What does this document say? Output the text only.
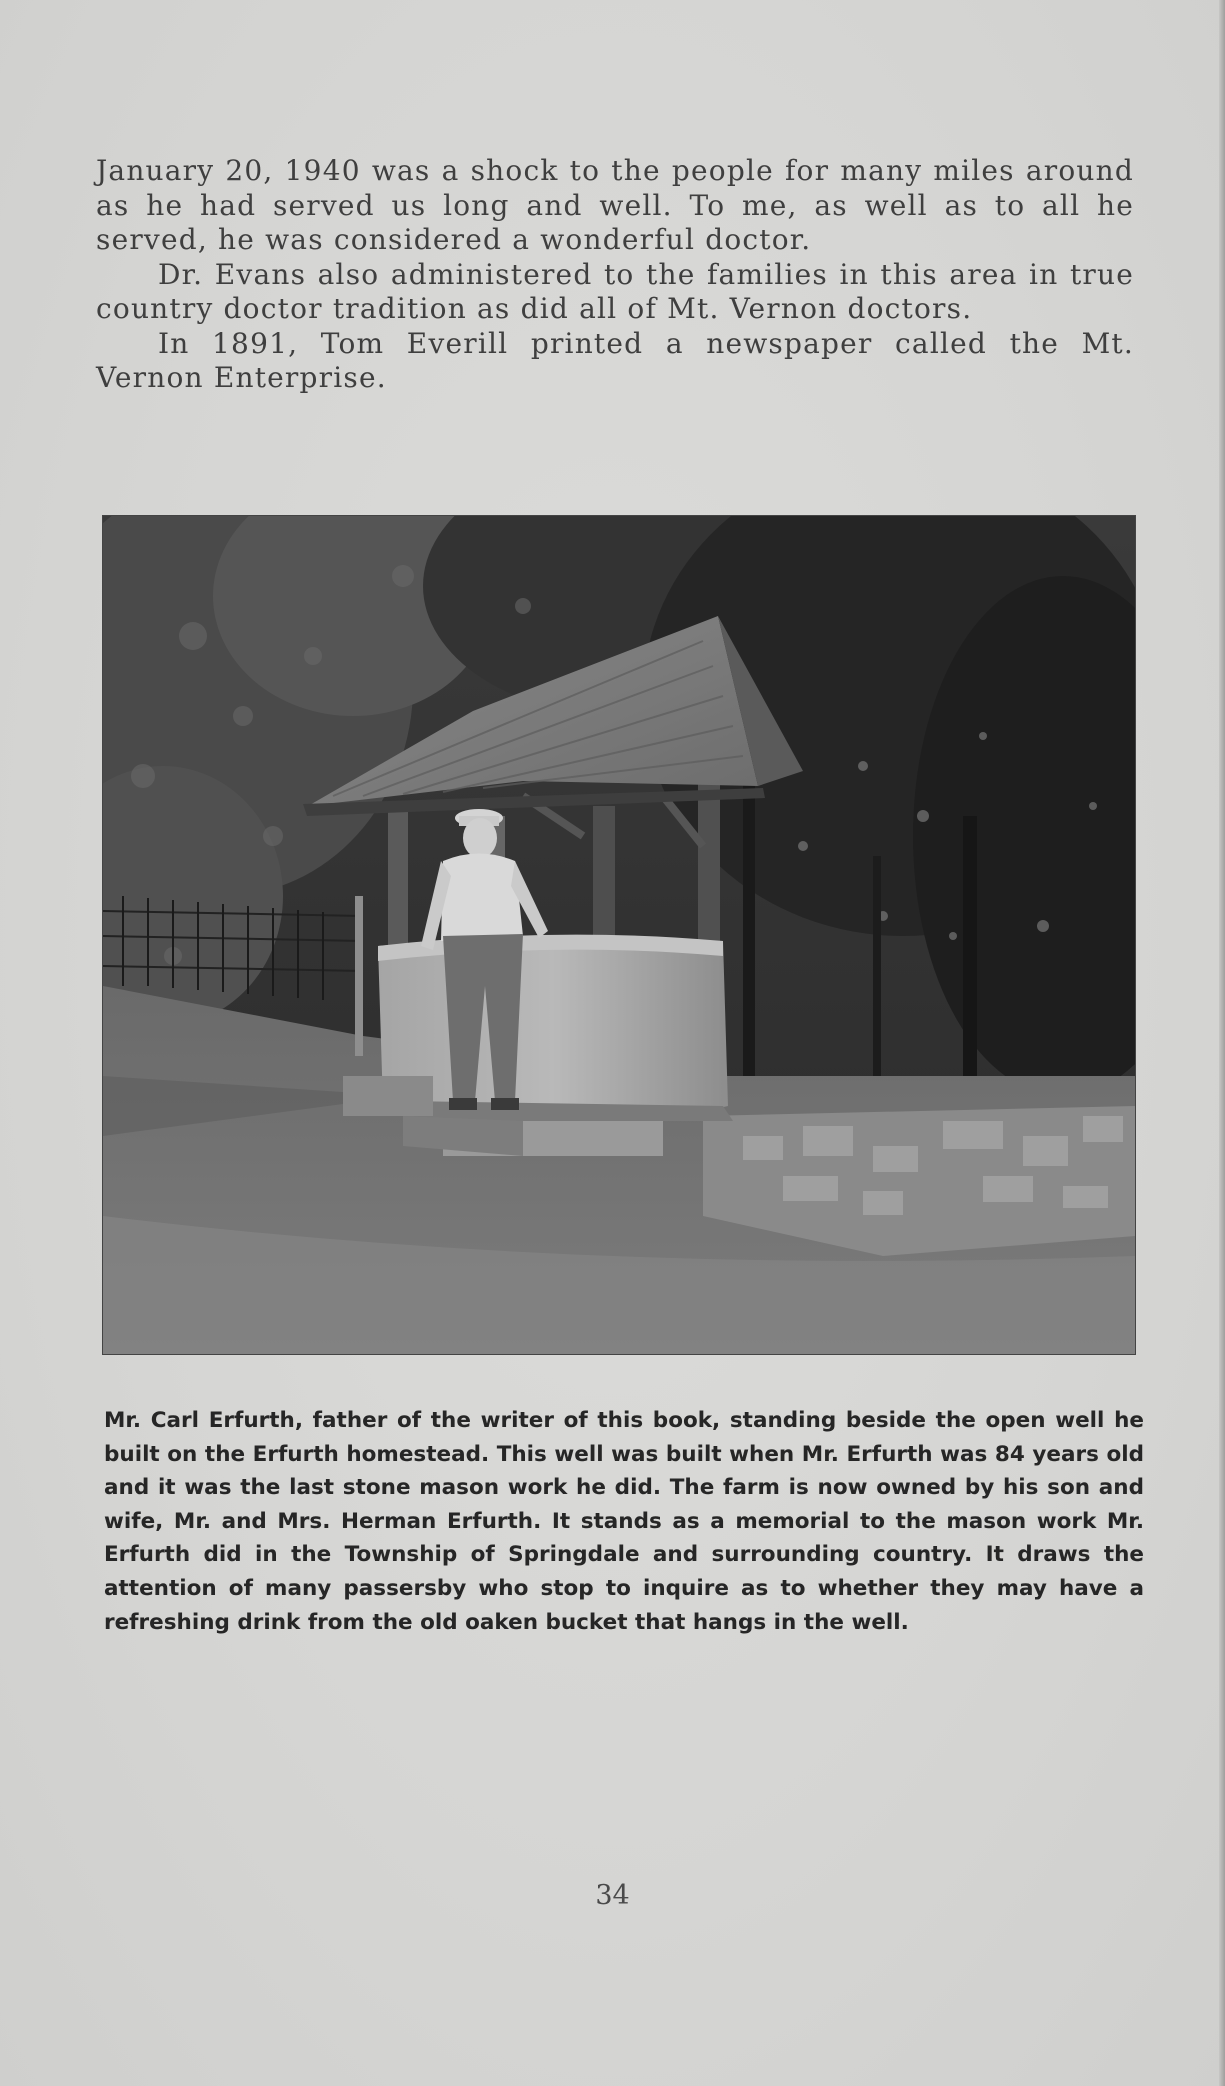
January 20, 1940 was a shock to the people for many miles around as he had served us long and well. To me, as well as to all he served, he was considered a wonderful doctor.

Dr. Evans also administered to the families in this area in true country doctor tradition as did all of Mt. Vernon doctors.

In 1891, Tom Everill printed a newspaper called the Mt. Vernon Enterprise.

Mr. Carl Erfurth, father of the writer of this book, standing beside the open well he built on the Erfurth homestead. This well was built when Mr. Erfurth was 84 years old and it was the last stone mason work he did. The farm is now owned by his son and wife, Mr. and Mrs. Herman Erfurth. It stands as a memorial to the mason work Mr. Erfurth did in the Township of Springdale and surrounding country. It draws the attention of many passersby who stop to inquire as to whether they may have a refreshing drink from the old oaken bucket that hangs in the well.

34
